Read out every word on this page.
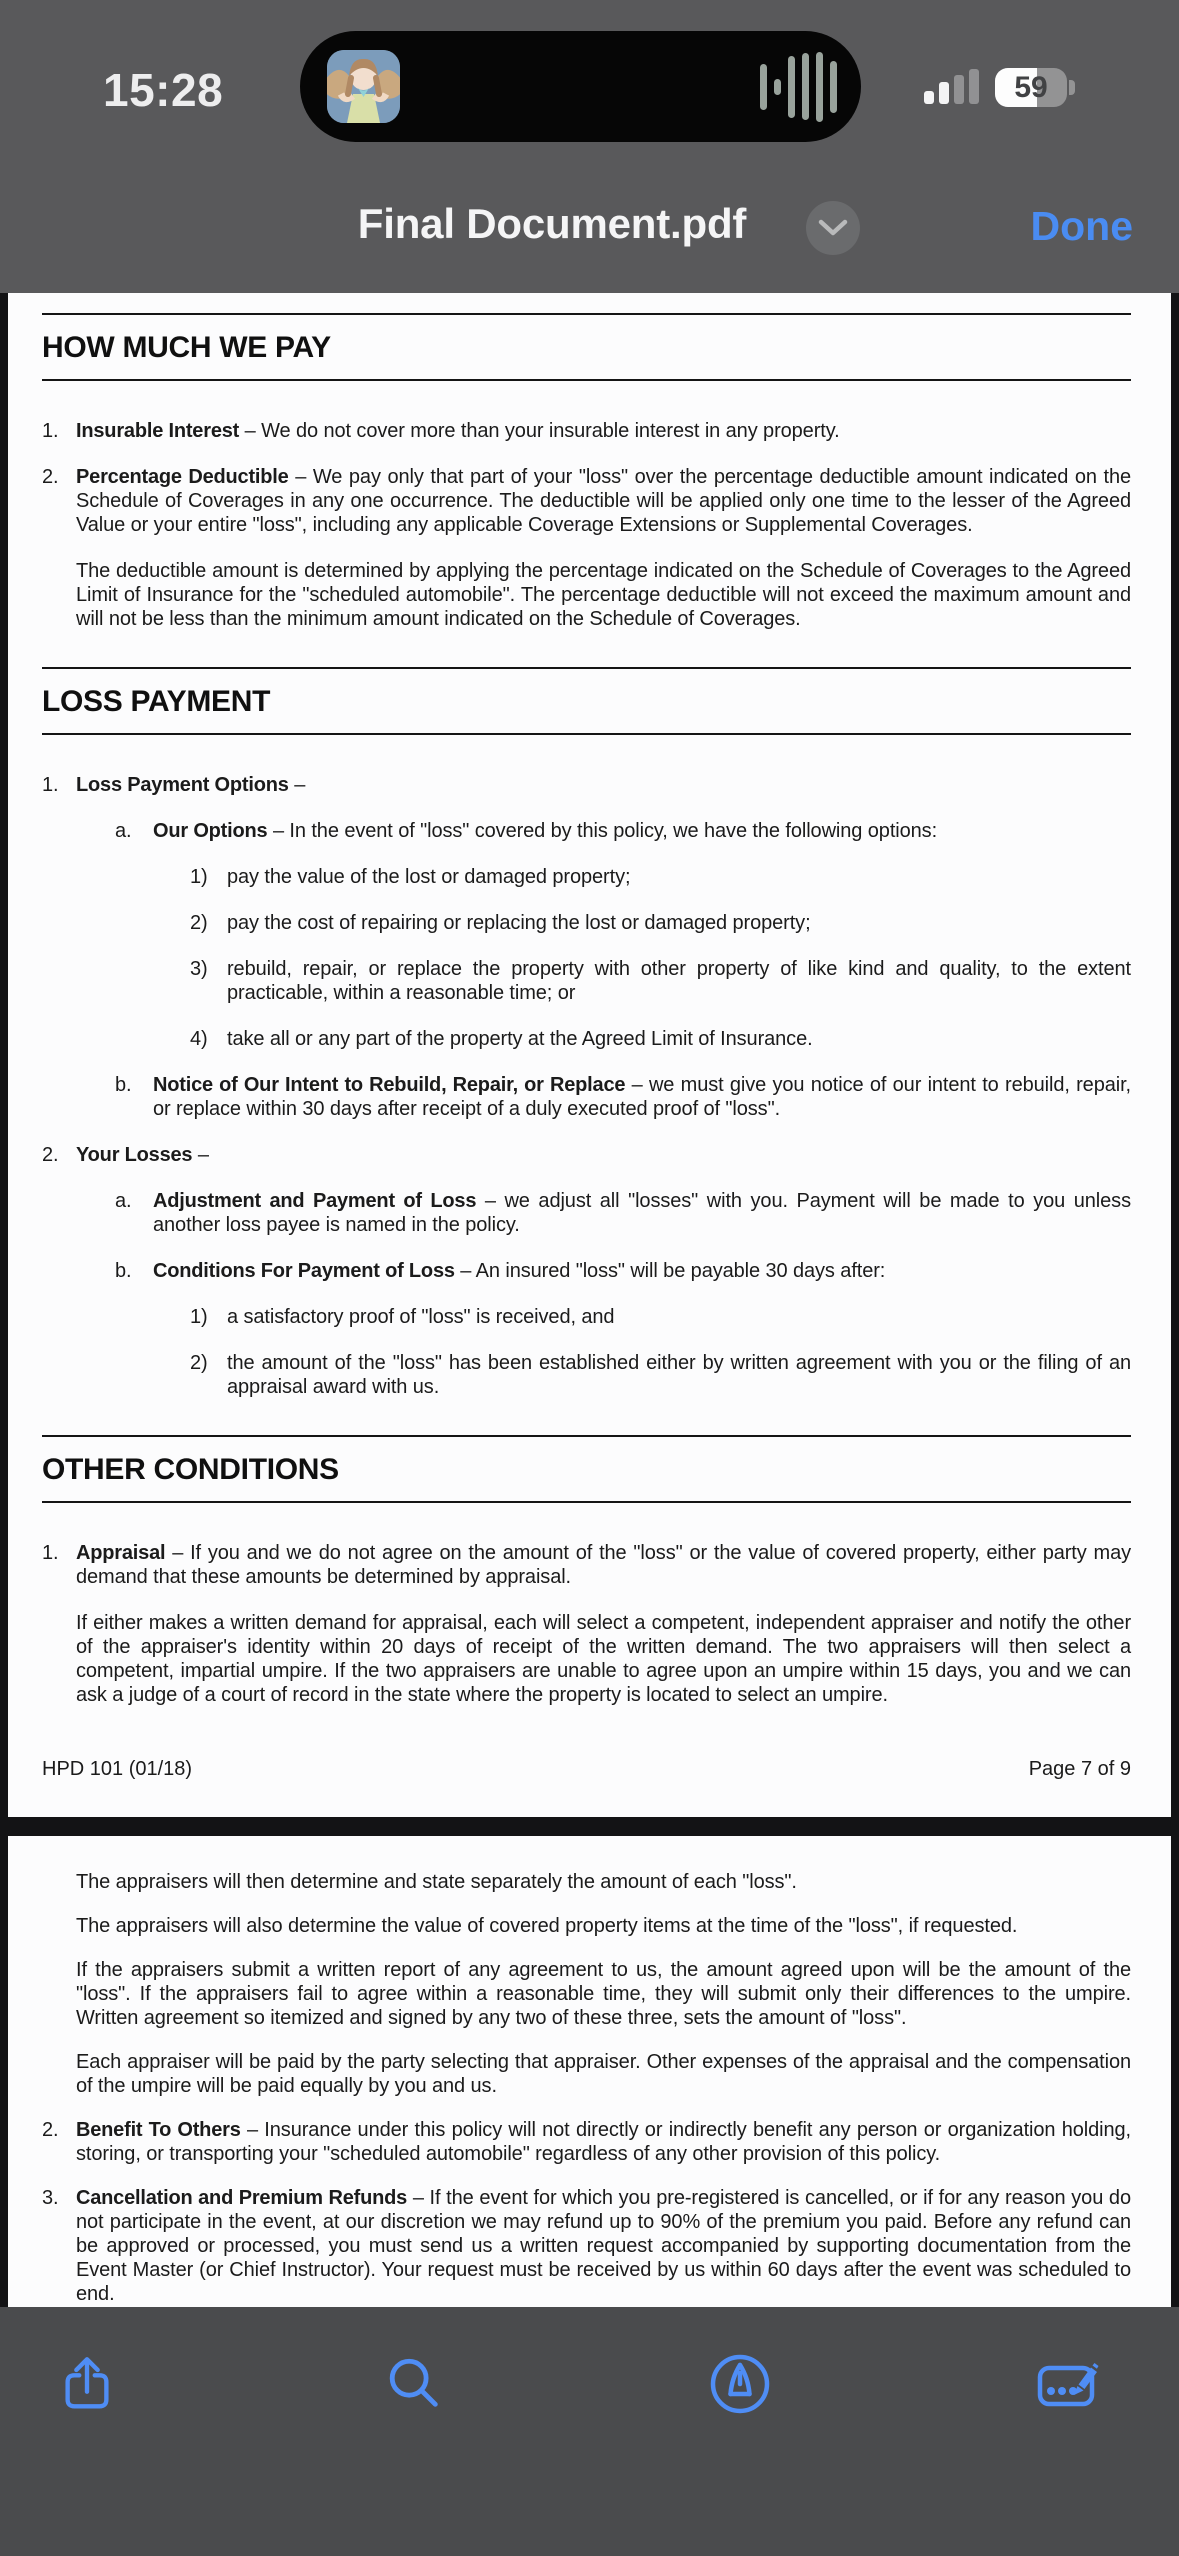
15:28	59
Final Document.pdf	Done
HOW MUCH WE PAY
1. Insurable Interest – We do not cover more than your insurable interest in any property.
2. Percentage Deductible – We pay only that part of your "loss" over the percentage deductible amount indicated on the Schedule of Coverages in any one occurrence. The deductible will be applied only one time to the lesser of the Agreed Value or your entire "loss", including any applicable Coverage Extensions or Supplemental Coverages.
The deductible amount is determined by applying the percentage indicated on the Schedule of Coverages to the Agreed Limit of Insurance for the "scheduled automobile". The percentage deductible will not exceed the maximum amount and will not be less than the minimum amount indicated on the Schedule of Coverages.
LOSS PAYMENT
1. Loss Payment Options –
a.	Our Options – In the event of "loss" covered by this policy, we have the following options:
1) pay the value of the lost or damaged property;
2) pay the cost of repairing or replacing the lost or damaged property;
3) rebuild, repair, or replace the property with other property of like kind and quality, to the extent practicable, within a reasonable time; or
4) take all or any part of the property at the Agreed Limit of Insurance.
b.	Notice of Our Intent to Rebuild, Repair, or Replace – we must give you notice of our intent to rebuild, repair, or replace within 30 days after receipt of a duly executed proof of "loss".
2. Your Losses –
a.	Adjustment and Payment of Loss – we adjust all "losses" with you. Payment will be made to you unless another loss payee is named in the policy.
b.	Conditions For Payment of Loss – An insured "loss" will be payable 30 days after:
1) a satisfactory proof of "loss" is received, and
2) the amount of the "loss" has been established either by written agreement with you or the filing of an appraisal award with us.
OTHER CONDITIONS
1. Appraisal – If you and we do not agree on the amount of the "loss" or the value of covered property, either party may demand that these amounts be determined by appraisal.
If either makes a written demand for appraisal, each will select a competent, independent appraiser and notify the other of the appraiser's identity within 20 days of receipt of the written demand. The two appraisers will then select a competent, impartial umpire. If the two appraisers are unable to agree upon an umpire within 15 days, you and we can ask a judge of a court of record in the state where the property is located to select an umpire.
HPD 101 (01/18)	Page 7 of 9
The appraisers will then determine and state separately the amount of each "loss".
The appraisers will also determine the value of covered property items at the time of the "loss", if requested.
If the appraisers submit a written report of any agreement to us, the amount agreed upon will be the amount of the "loss". If the appraisers fail to agree within a reasonable time, they will submit only their differences to the umpire. Written agreement so itemized and signed by any two of these three, sets the amount of "loss".
Each appraiser will be paid by the party selecting that appraiser. Other expenses of the appraisal and the compensation of the umpire will be paid equally by you and us.
2. Benefit To Others – Insurance under this policy will not directly or indirectly benefit any person or organization holding, storing, or transporting your "scheduled automobile" regardless of any other provision of this policy.
3. Cancellation and Premium Refunds – If the event for which you pre-registered is cancelled, or if for any reason you do not participate in the event, at our discretion we may refund up to 90% of the premium you paid. Before any refund can be approved or processed, you must send us a written request accompanied by supporting documentation from the Event Master (or Chief Instructor). Your request must be received by us within 60 days after the event was scheduled to end.
